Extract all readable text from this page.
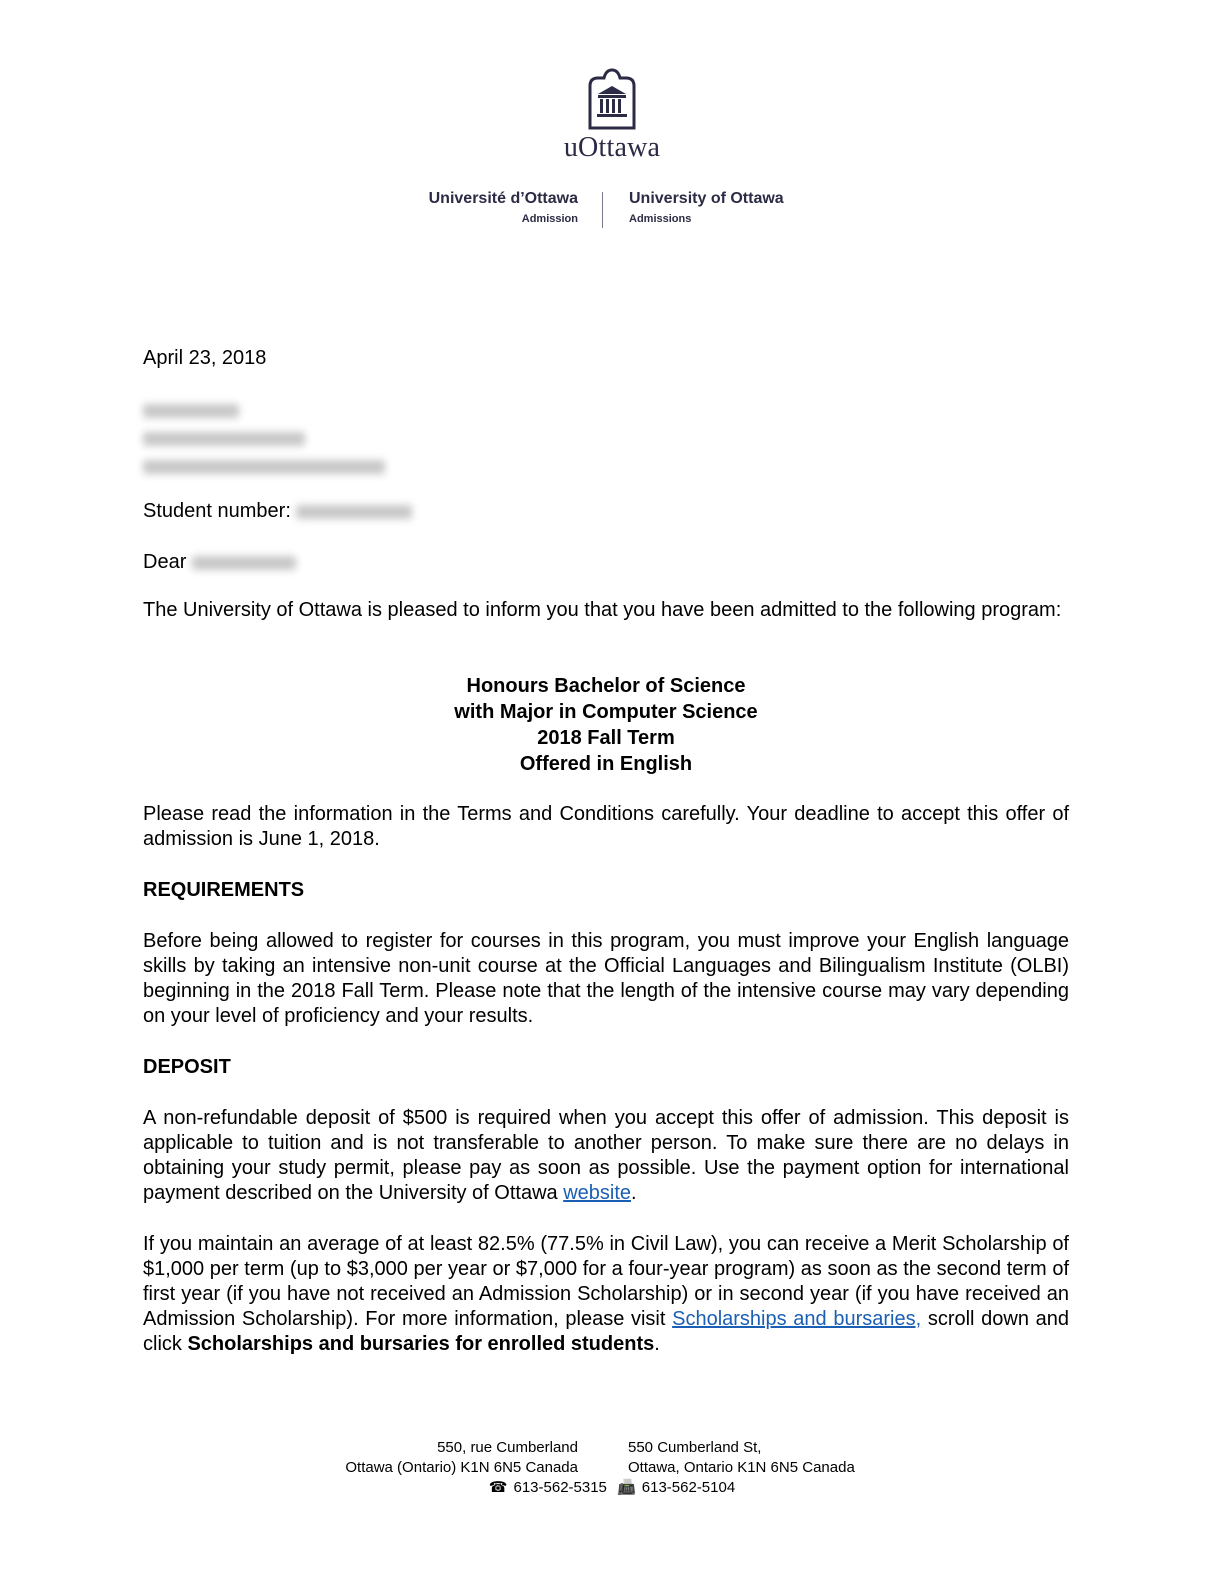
uOttawa
Université d’Ottawa
Admission
University of Ottawa
Admissions
April 23, 2018
Student number:
Dear

The University of Ottawa is pleased to inform you that you have been admitted to the following program:

Honours Bachelor of Science
with Major in Computer Science
2018 Fall Term
Offered in English

Please read the information in the Terms and Conditions carefully. Your deadline to accept this offer of admission is June 1, 2018.

REQUIREMENTS

Before being allowed to register for courses in this program, you must improve your English language skills by taking an intensive non-unit course at the Official Languages and Bilingualism Institute (OLBI) beginning in the 2018 Fall Term. Please note that the length of the intensive course may vary depending on your level of proficiency and your results.

DEPOSIT

A non-refundable deposit of $500 is required when you accept this offer of admission. This deposit is applicable to tuition and is not transferable to another person. To make sure there are no delays in obtaining your study permit, please pay as soon as possible. Use the payment option for international payment described on the University of Ottawa website.

If you maintain an average of at least 82.5% (77.5% in Civil Law), you can receive a Merit Scholarship of $1,000 per term (up to $3,000 per year or $7,000 for a four-year program) as soon as the second term of first year (if you have not received an Admission Scholarship) or in second year (if you have received an Admission Scholarship). For more information, please visit Scholarships and bursaries, scroll down and click Scholarships and bursaries for enrolled students.

550, rue Cumberland
Ottawa (Ontario) K1N 6N5 Canada
550 Cumberland St,
Ottawa, Ontario K1N 6N5 Canada
☎ 613-562-5315 📠 613-562-5104
